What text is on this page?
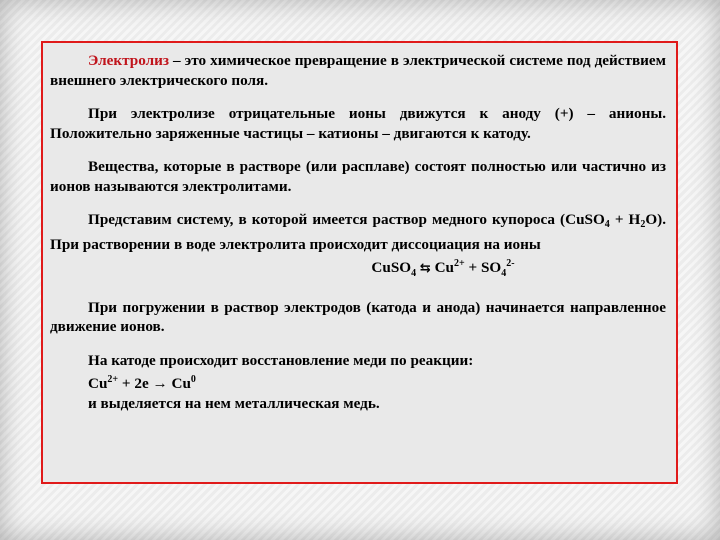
Электролиз – это химическое превращение в электрической системе под действием внешнего электрического поля.

При электролизе отрицательные ионы движутся к аноду (+) – анионы. Положительно заряженные частицы – катионы – двигаются к катоду.

Вещества, которые в растворе (или расплаве) состоят полностью или частично из ионов называются электролитами.

Представим систему, в которой имеется раствор медного купороса (CuSO$_4$ + $H_2O$). При растворении в воде электролита происходит диссоциация на ионы

CuSO$_4$ ⇆ $Cu^{2+} + SO_4^{2-}$

При погружении в раствор электродов (катода и анода) начинается направленное движение ионов.

На катоде происходит восстановление меди по реакции:

$Cu^{2+} + 2e \to Cu^0$

и выделяется на нем металлическая медь.
